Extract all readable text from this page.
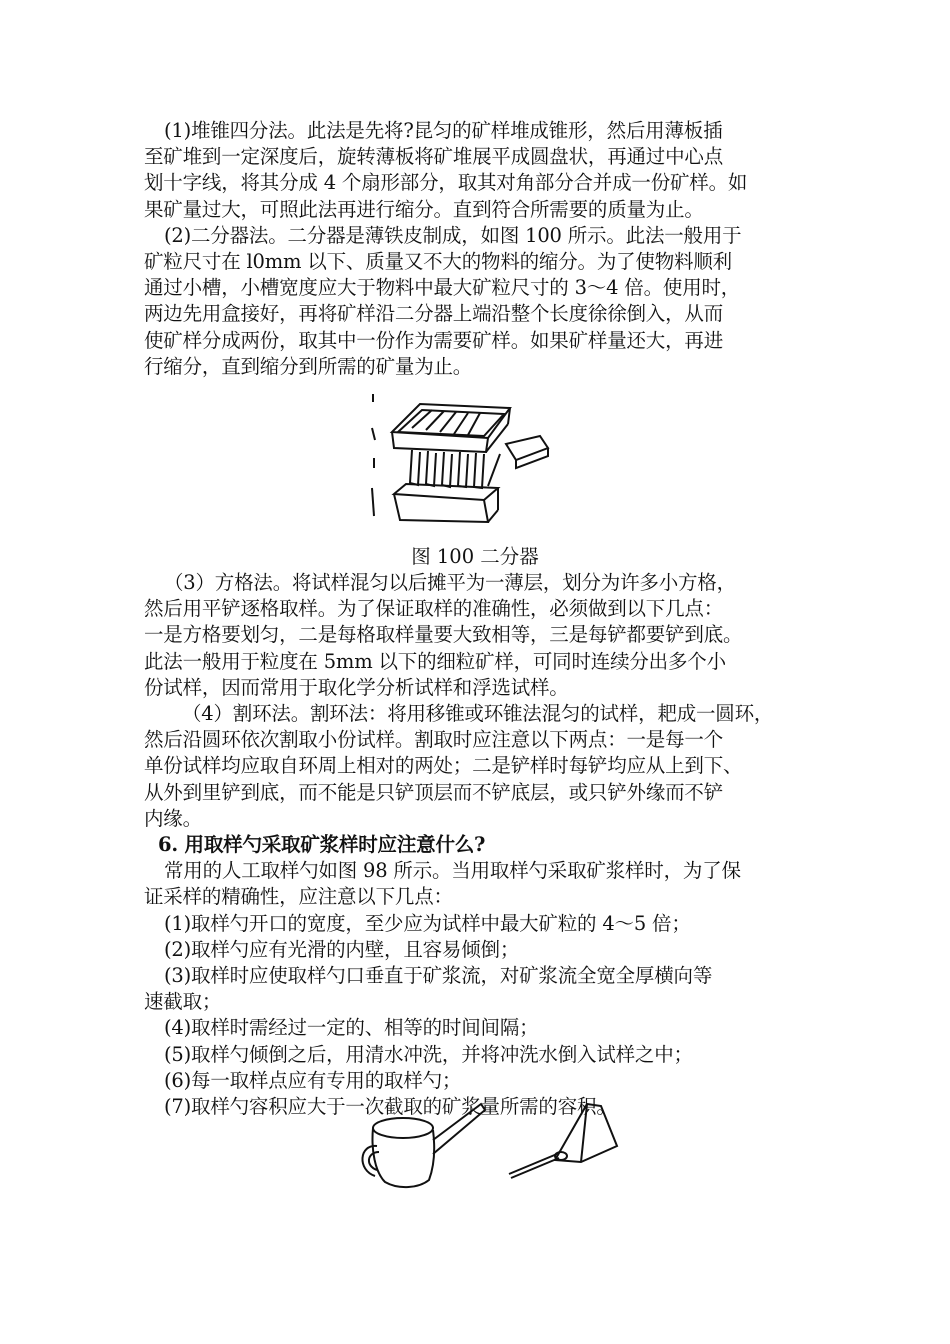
(1)堆锥四分法。此法是先将?昆匀的矿样堆成锥形，然后用薄板插

至矿堆到一定深度后，旋转薄板将矿堆展平成圆盘状，再通过中心点

划十字线，将其分成 4 个扇形部分，取其对角部分合并成一份矿样。如

果矿量过大，可照此法再进行缩分。直到符合所需要的质量为止。

(2)二分器法。二分器是薄铁皮制成，如图 100 所示。此法一般用于

矿粒尺寸在 l0mm 以下、质量又不大的物料的缩分。为了使物料顺利

通过小槽，小槽宽度应大于物料中最大矿粒尺寸的 3～4 倍。使用时，

两边先用盒接好，再将矿样沿二分器上端沿整个长度徐徐倒入，从而

使矿样分成两份，取其中一份作为需要矿样。如果矿样量还大，再进

行缩分，直到缩分到所需的矿量为止。

图 100 二分器

（3）方格法。将试样混匀以后摊平为一薄层，划分为许多小方格，

然后用平铲逐格取样。为了保证取样的准确性，必须做到以下几点：

一是方格要划匀，二是每格取样量要大致相等，三是每铲都要铲到底。

此法一般用于粒度在 5mm 以下的细粒矿样，可同时连续分出多个小

份试样，因而常用于取化学分析试样和浮选试样。

（4）割环法。割环法：将用移锥或环锥法混匀的试样，耙成一圆环，

然后沿圆环依次割取小份试样。割取时应注意以下两点：一是每一个

单份试样均应取自环周上相对的两处；二是铲样时每铲均应从上到下、

从外到里铲到底，而不能是只铲顶层而不铲底层，或只铲外缘而不铲

内缘。

6. 用取样勺采取矿浆样时应注意什么?

常用的人工取样勺如图 98 所示。当用取样勺采取矿浆样时，为了保

证采样的精确性，应注意以下几点：

(1)取样勺开口的宽度，至少应为试样中最大矿粒的 4～5 倍；

(2)取样勺应有光滑的内壁，且容易倾倒；

(3)取样时应使取样勺口垂直于矿浆流，对矿浆流全宽全厚横向等

速截取；

(4)取样时需经过一定的、相等的时间间隔；

(5)取样勺倾倒之后，用清水冲洗，并将冲洗水倒入试样之中；

(6)每一取样点应有专用的取样勺；

(7)取样勺容积应大于一次截取的矿浆量所需的容积。
